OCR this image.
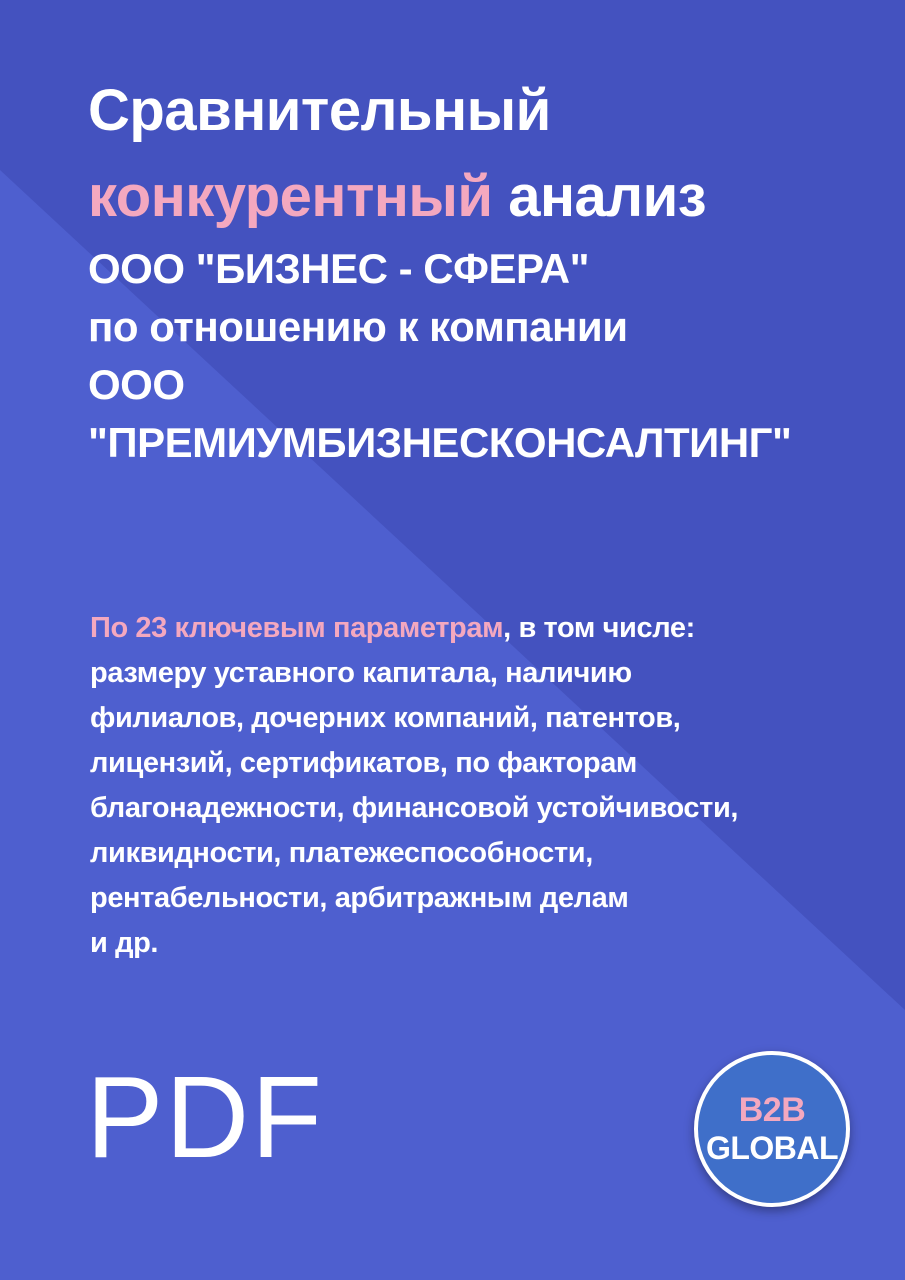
Сравнительный
конкурентный анализ
ООО "БИЗНЕС - СФЕРА"
по отношению к компании
ООО
"ПРЕМИУМБИЗНЕСКОНСАЛТИНГ"

По 23 ключевым параметрам, в том числе:
размеру уставного капитала, наличию
филиалов, дочерних компаний, патентов,
лицензий, сертификатов, по факторам
благонадежности, финансовой устойчивости,
ликвидности, платежеспособности,
рентабельности, арбитражным делам
и др.

PDF	B2B
GLOBAL
